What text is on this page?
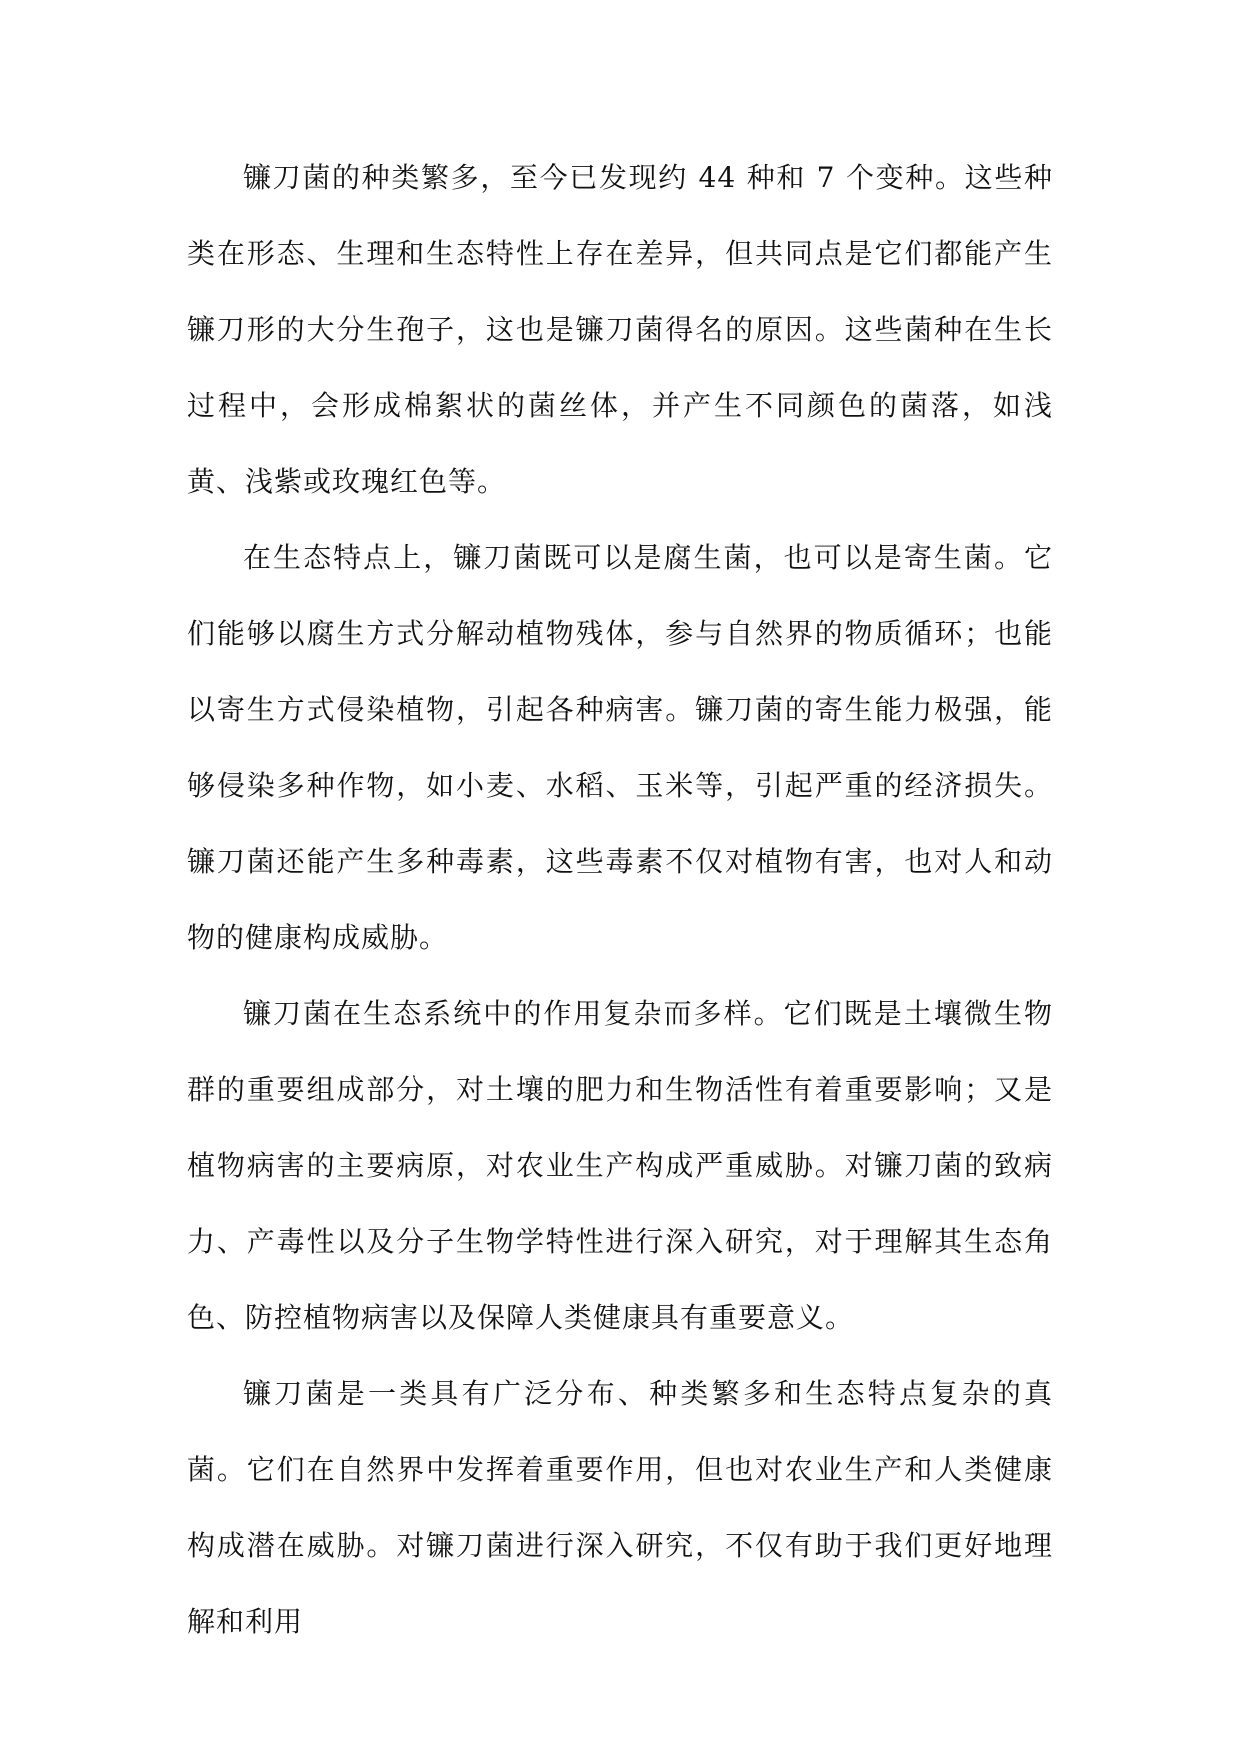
镰刀菌的种类繁多，至今已发现约 44 种和 7 个变种。这些种类在形态、生理和生态特性上存在差异，但共同点是它们都能产生镰刀形的大分生孢子，这也是镰刀菌得名的原因。这些菌种在生长过程中，会形成棉絮状的菌丝体，并产生不同颜色的菌落，如浅黄、浅紫或玫瑰红色等。

在生态特点上，镰刀菌既可以是腐生菌，也可以是寄生菌。它们能够以腐生方式分解动植物残体，参与自然界的物质循环；也能以寄生方式侵染植物，引起各种病害。镰刀菌的寄生能力极强，能够侵染多种作物，如小麦、水稻、玉米等，引起严重的经济损失。镰刀菌还能产生多种毒素，这些毒素不仅对植物有害，也对人和动物的健康构成威胁。

镰刀菌在生态系统中的作用复杂而多样。它们既是土壤微生物群的重要组成部分，对土壤的肥力和生物活性有着重要影响；又是植物病害的主要病原，对农业生产构成严重威胁。对镰刀菌的致病力、产毒性以及分子生物学特性进行深入研究，对于理解其生态角色、防控植物病害以及保障人类健康具有重要意义。

镰刀菌是一类具有广泛分布、种类繁多和生态特点复杂的真菌。它们在自然界中发挥着重要作用，但也对农业生产和人类健康构成潜在威胁。对镰刀菌进行深入研究，不仅有助于我们更好地理解和利用
